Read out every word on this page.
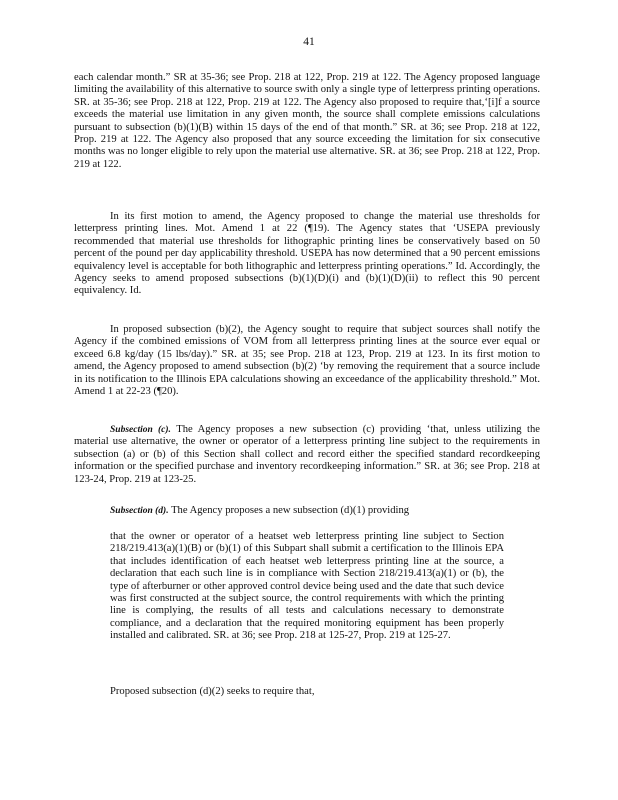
41

each calendar month.” SR at 35-36; see Prop. 218 at 122, Prop. 219 at 122. The Agency proposed language limiting the availability of this alternative to source swith only a single type of letterpress printing operations. SR. at 35-36; see Prop. 218 at 122, Prop. 219 at 122. The Agency also proposed to require that,‘[i]f a source exceeds the material use limitation in any given month, the source shall complete emissions calculations pursuant to subsection (b)(1)(B) within 15 days of the end of that month.” SR. at 36; see Prop. 218 at 122, Prop. 219 at 122. The Agency also proposed that any source exceeding the limitation for six consecutive months was no longer eligible to rely upon the material use alternative. SR. at 36; see Prop. 218 at 122, Prop. 219 at 122.

In its first motion to amend, the Agency proposed to change the material use thresholds for letterpress printing lines. Mot. Amend 1 at 22 (¶19). The Agency states that ‘USEPA previously recommended that material use thresholds for lithographic printing lines be conservatively based on 50 percent of the pound per day applicability threshold. USEPA has now determined that a 90 percent emissions equivalency level is acceptable for both lithographic and letterpress printing operations.” Id. Accordingly, the Agency seeks to amend proposed subsections (b)(1)(D)(i) and (b)(1)(D)(ii) to reflect this 90 percent equivalency. Id.

In proposed subsection (b)(2), the Agency sought to require that subject sources shall notify the Agency if the combined emissions of VOM from all letterpress printing lines at the source ever equal or exceed 6.8 kg/day (15 lbs/day).” SR. at 35; see Prop. 218 at 123, Prop. 219 at 123. In its first motion to amend, the Agency proposed to amend subsection (b)(2) ‘by removing the requirement that a source include in its notification to the Illinois EPA calculations showing an exceedance of the applicability threshold.” Mot. Amend 1 at 22-23 (¶20).

Subsection (c). The Agency proposes a new subsection (c) providing ‘that, unless utilizing the material use alternative, the owner or operator of a letterpress printing line subject to the requirements in subsection (a) or (b) of this Section shall collect and record either the specified standard recordkeeping information or the specified purchase and inventory recordkeeping information.” SR. at 36; see Prop. 218 at 123-24, Prop. 219 at 123-25.

Subsection (d). The Agency proposes a new subsection (d)(1) providing

that the owner or operator of a heatset web letterpress printing line subject to Section 218/219.413(a)(1)(B) or (b)(1) of this Subpart shall submit a certification to the Illinois EPA that includes identification of each heatset web letterpress printing line at the source, a declaration that each such line is in compliance with Section 218/219.413(a)(1) or (b), the type of afterburner or other approved control device being used and the date that such device was first constructed at the subject source, the control requirements with which the printing line is complying, the results of all tests and calculations necessary to demonstrate compliance, and a declaration that the required monitoring equipment has been properly installed and calibrated. SR. at 36; see Prop. 218 at 125-27, Prop. 219 at 125-27.

Proposed subsection (d)(2) seeks to require that,
